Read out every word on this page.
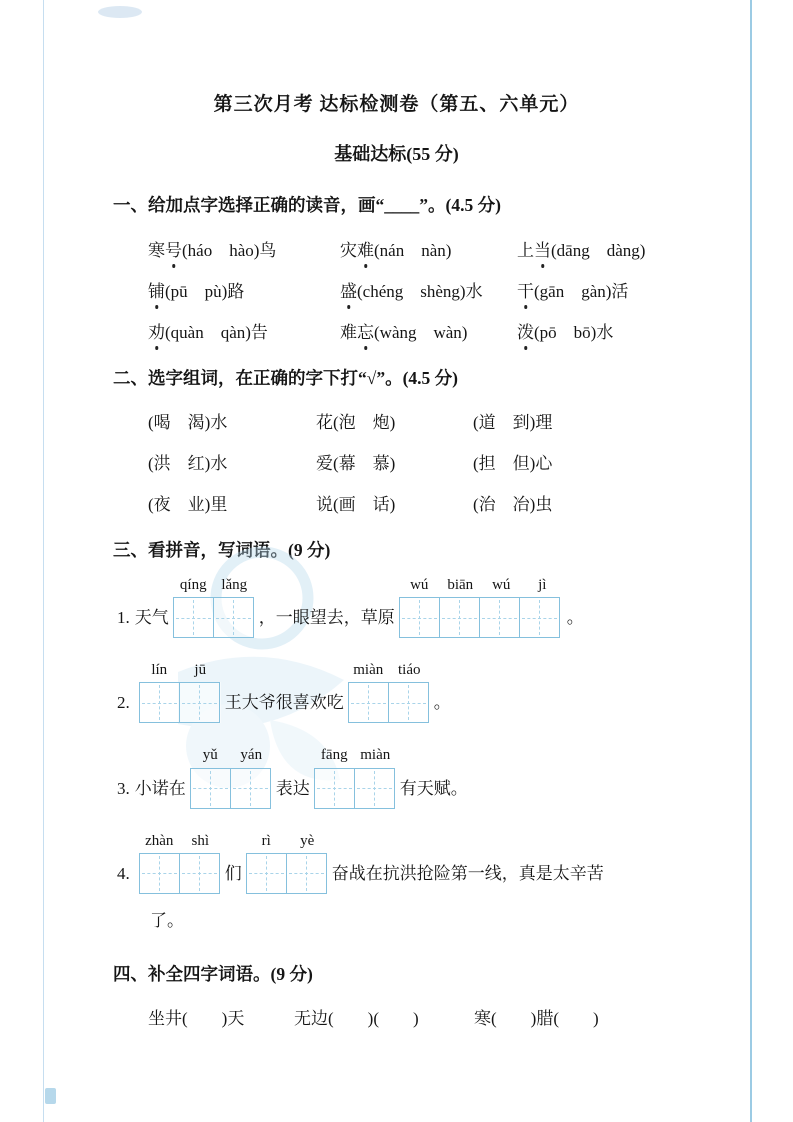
第三次月考 达标检测卷（第五、六单元）
基础达标(55 分)
一、给加点字选择正确的读音，画“____”。(4.5 分)
寒号(háo　hào)鸟	灾难(nán　nàn)	上当(dāng　dàng)
铺(pū　pù)路	盛(chéng　shèng)水	干(gān　gàn)活
劝(quàn　qàn)告	难忘(wàng　wàn)	泼(pō　bō)水
二、选字组词，在正确的字下打“√”。(4.5 分)
(喝　渴)水	花(泡　炮)	(道　到)理
(洪　红)水	爱(幕　慕)	(担　但)心
(夜　业)里	说(画　话)	(治　冶)虫
三、看拼音，写词语。(9 分)
1. 天气
qíng lǎng
，一眼望去，草原
wú	biān	wú	jì
。
2.
lín	jū
王大爷很喜欢吃
miàn tiáo
。
3. 小诺在
yǔ	yán
表达
fāng miàn
有天赋。
4.
zhàn	shì
们
rì	yè
奋战在抗洪抢险第一线，真是太辛苦
了。
四、补全四字词语。(9 分)
坐井(　　)天	无边(　　)(　　)	寒(　　)腊(　　)
